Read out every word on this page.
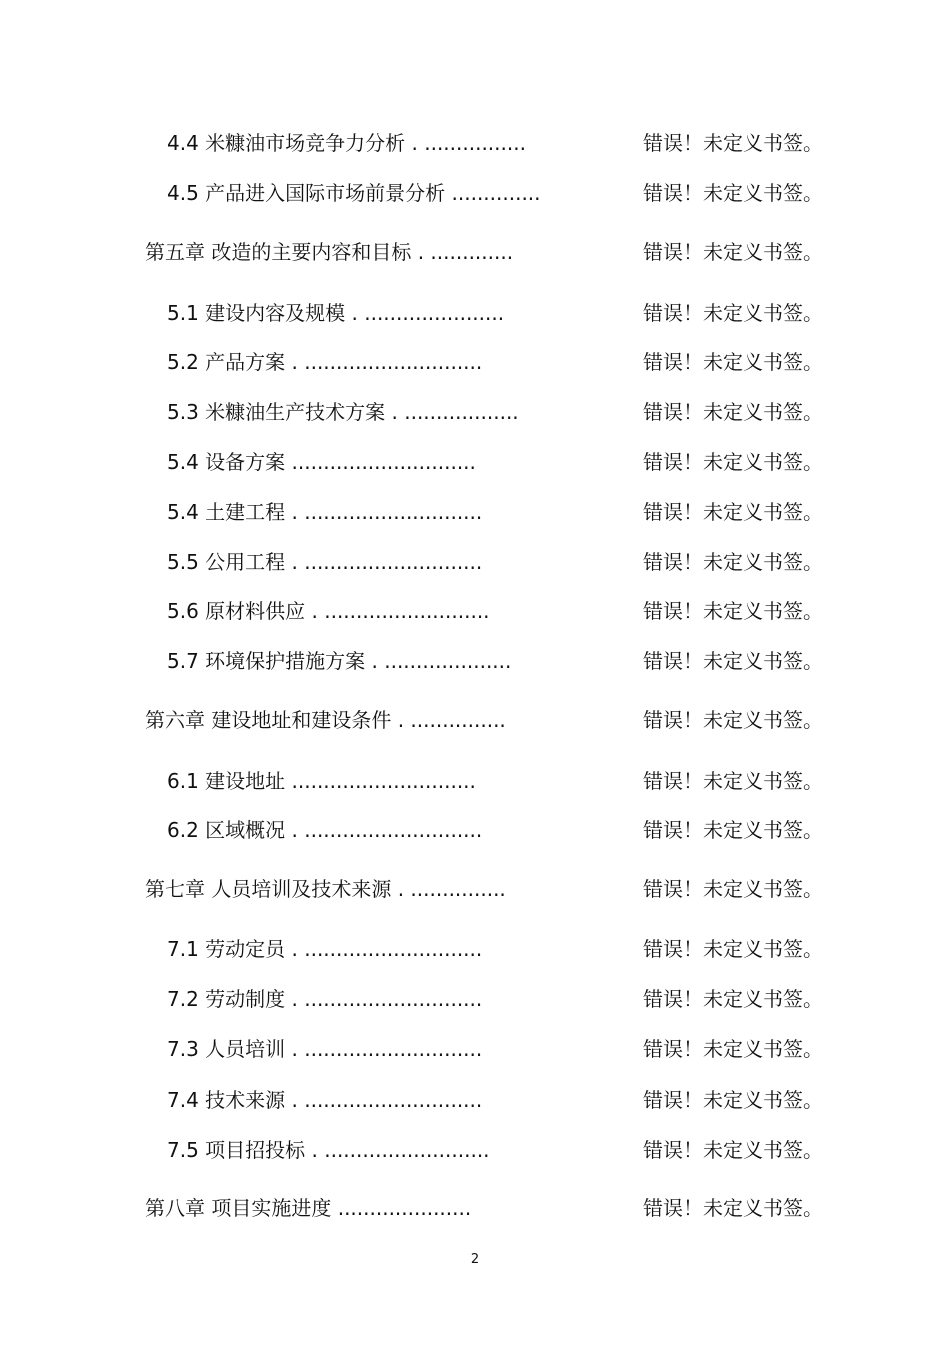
4.4 米糠油市场竞争力分析 . ................	错误！未定义书签。
4.5 产品进入国际市场前景分析 ..............	错误！未定义书签。
第五章 改造的主要内容和目标 . .............	错误！未定义书签。
5.1 建设内容及规模 . ......................	错误！未定义书签。
5.2 产品方案 . ............................	错误！未定义书签。
5.3 米糠油生产技术方案 . ..................	错误！未定义书签。
5.4 设备方案 .............................	错误！未定义书签。
5.4 土建工程 . ............................	错误！未定义书签。
5.5 公用工程 . ............................	错误！未定义书签。
5.6 原材料供应 . ..........................	错误！未定义书签。
5.7 环境保护措施方案 . ....................	错误！未定义书签。
第六章 建设地址和建设条件 . ...............	错误！未定义书签。
6.1 建设地址 .............................	错误！未定义书签。
6.2 区域概况 . ............................	错误！未定义书签。
第七章 人员培训及技术来源 . ...............	错误！未定义书签。
7.1 劳动定员 . ............................	错误！未定义书签。
7.2 劳动制度 . ............................	错误！未定义书签。
7.3 人员培训 . ............................	错误！未定义书签。
7.4 技术来源 . ............................	错误！未定义书签。
7.5 项目招投标 . ..........................	错误！未定义书签。
第八章 项目实施进度 .....................	错误！未定义书签。
2
